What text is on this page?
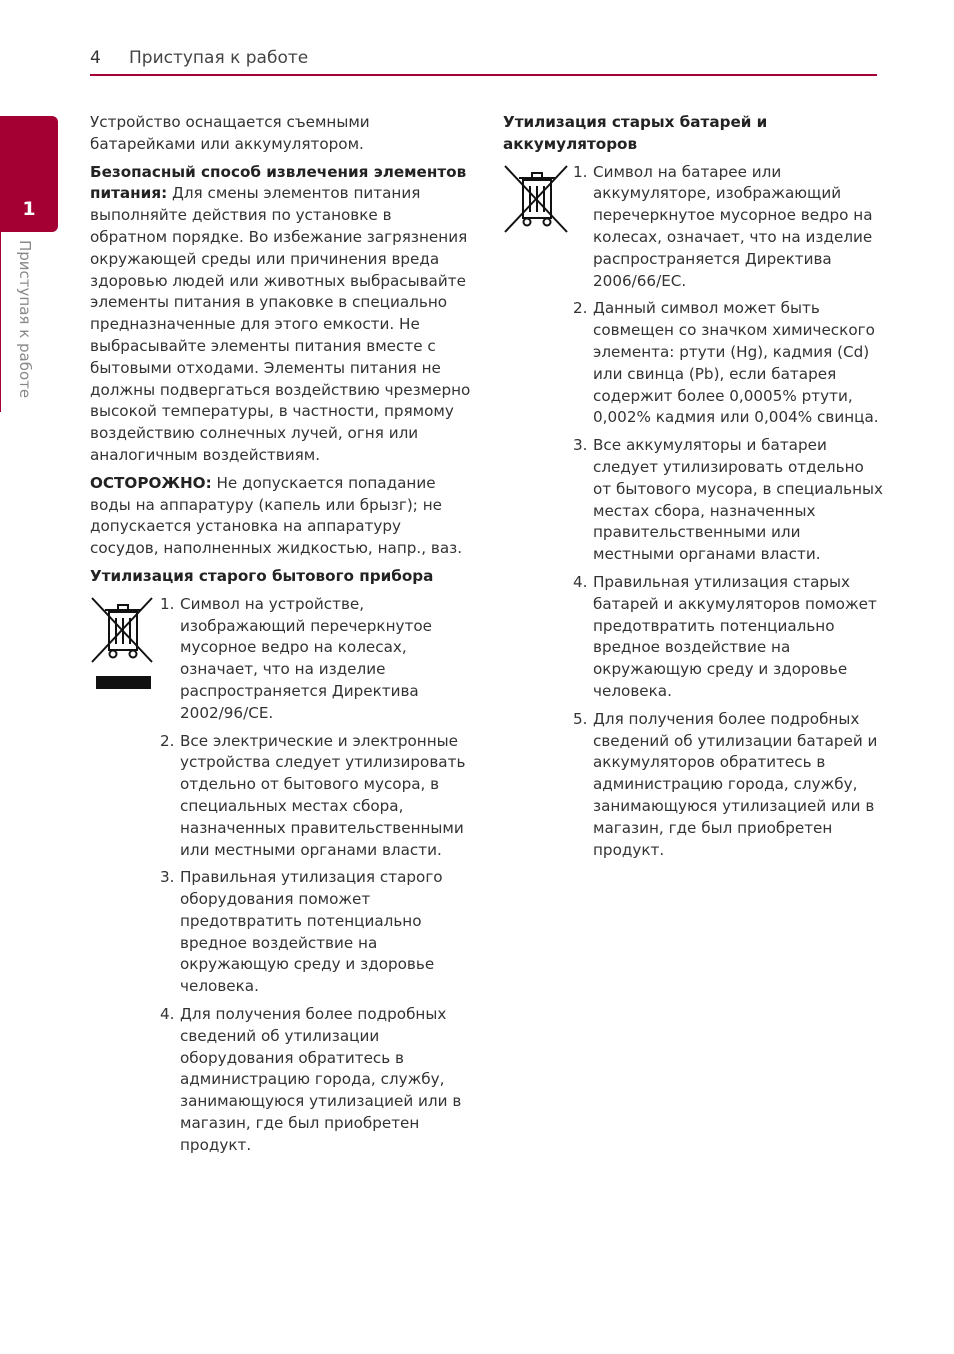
4 Приступая к работе
1
Приступая к работе

Устройство оснащается съемными батарейками или аккумулятором.

Безопасный способ извлечения элементов питания: Для смены элементов питания выполняйте действия по установке в обратном порядке. Во избежание загрязнения окружающей среды или причинения вреда здоровью людей или животных выбрасывайте элементы питания в упаковке в специально предназначенные для этого емкости. Не выбрасывайте элементы питания вместе с бытовыми отходами. Элементы питания не должны подвергаться воздействию чрезмерно высокой температуры, в частности, прямому воздействию солнечных лучей, огня или аналогичным воздействиям.

ОСТОРОЖНО: Не допускается попадание воды на аппаратуру (капель или брызг); не допускается установка на аппаратуру сосудов, наполненных жидкостью, напр., ваз.

Утилизация старого бытового прибора
1. Символ на устройстве, изображающий перечеркнутое мусорное ведро на колесах, означает, что на изделие распространяется Директива 2002/96/CE.
2. Все электрические и электронные устройства следует утилизировать отдельно от бытового мусора, в специальных местах сбора, назначенных правительственными или местными органами власти.
3. Правильная утилизация старого оборудования поможет предотвратить потенциально вредное воздействие на окружающую среду и здоровье человека.
4. Для получения более подробных сведений об утилизации оборудования обратитесь в администрацию города, службу, занимающуюся утилизацией или в магазин, где был приобретен продукт.
Утилизация старых батарей и аккумуляторов
1. Символ на батарее или аккумуляторе, изображающий перечеркнутое мусорное ведро на колесах, означает, что на изделие распространяется Директива 2006/66/EC.
2. Данный символ может быть совмещен со значком химического элемента: ртути (Hg), кадмия (Cd) или свинца (Pb), если батарея содержит более 0,0005% ртути, 0,002% кадмия или 0,004% свинца.
3. Все аккумуляторы и батареи следует утилизировать отдельно от бытового мусора, в специальных местах сбора, назначенных правительственными или местными органами власти.
4. Правильная утилизация старых батарей и аккумуляторов поможет предотвратить потенциально вредное воздействие на окружающую среду и здоровье человека.
5. Для получения более подробных сведений об утилизации батарей и аккумуляторов обратитесь в администрацию города, службу, занимающуюся утилизацией или в магазин, где был приобретен продукт.
